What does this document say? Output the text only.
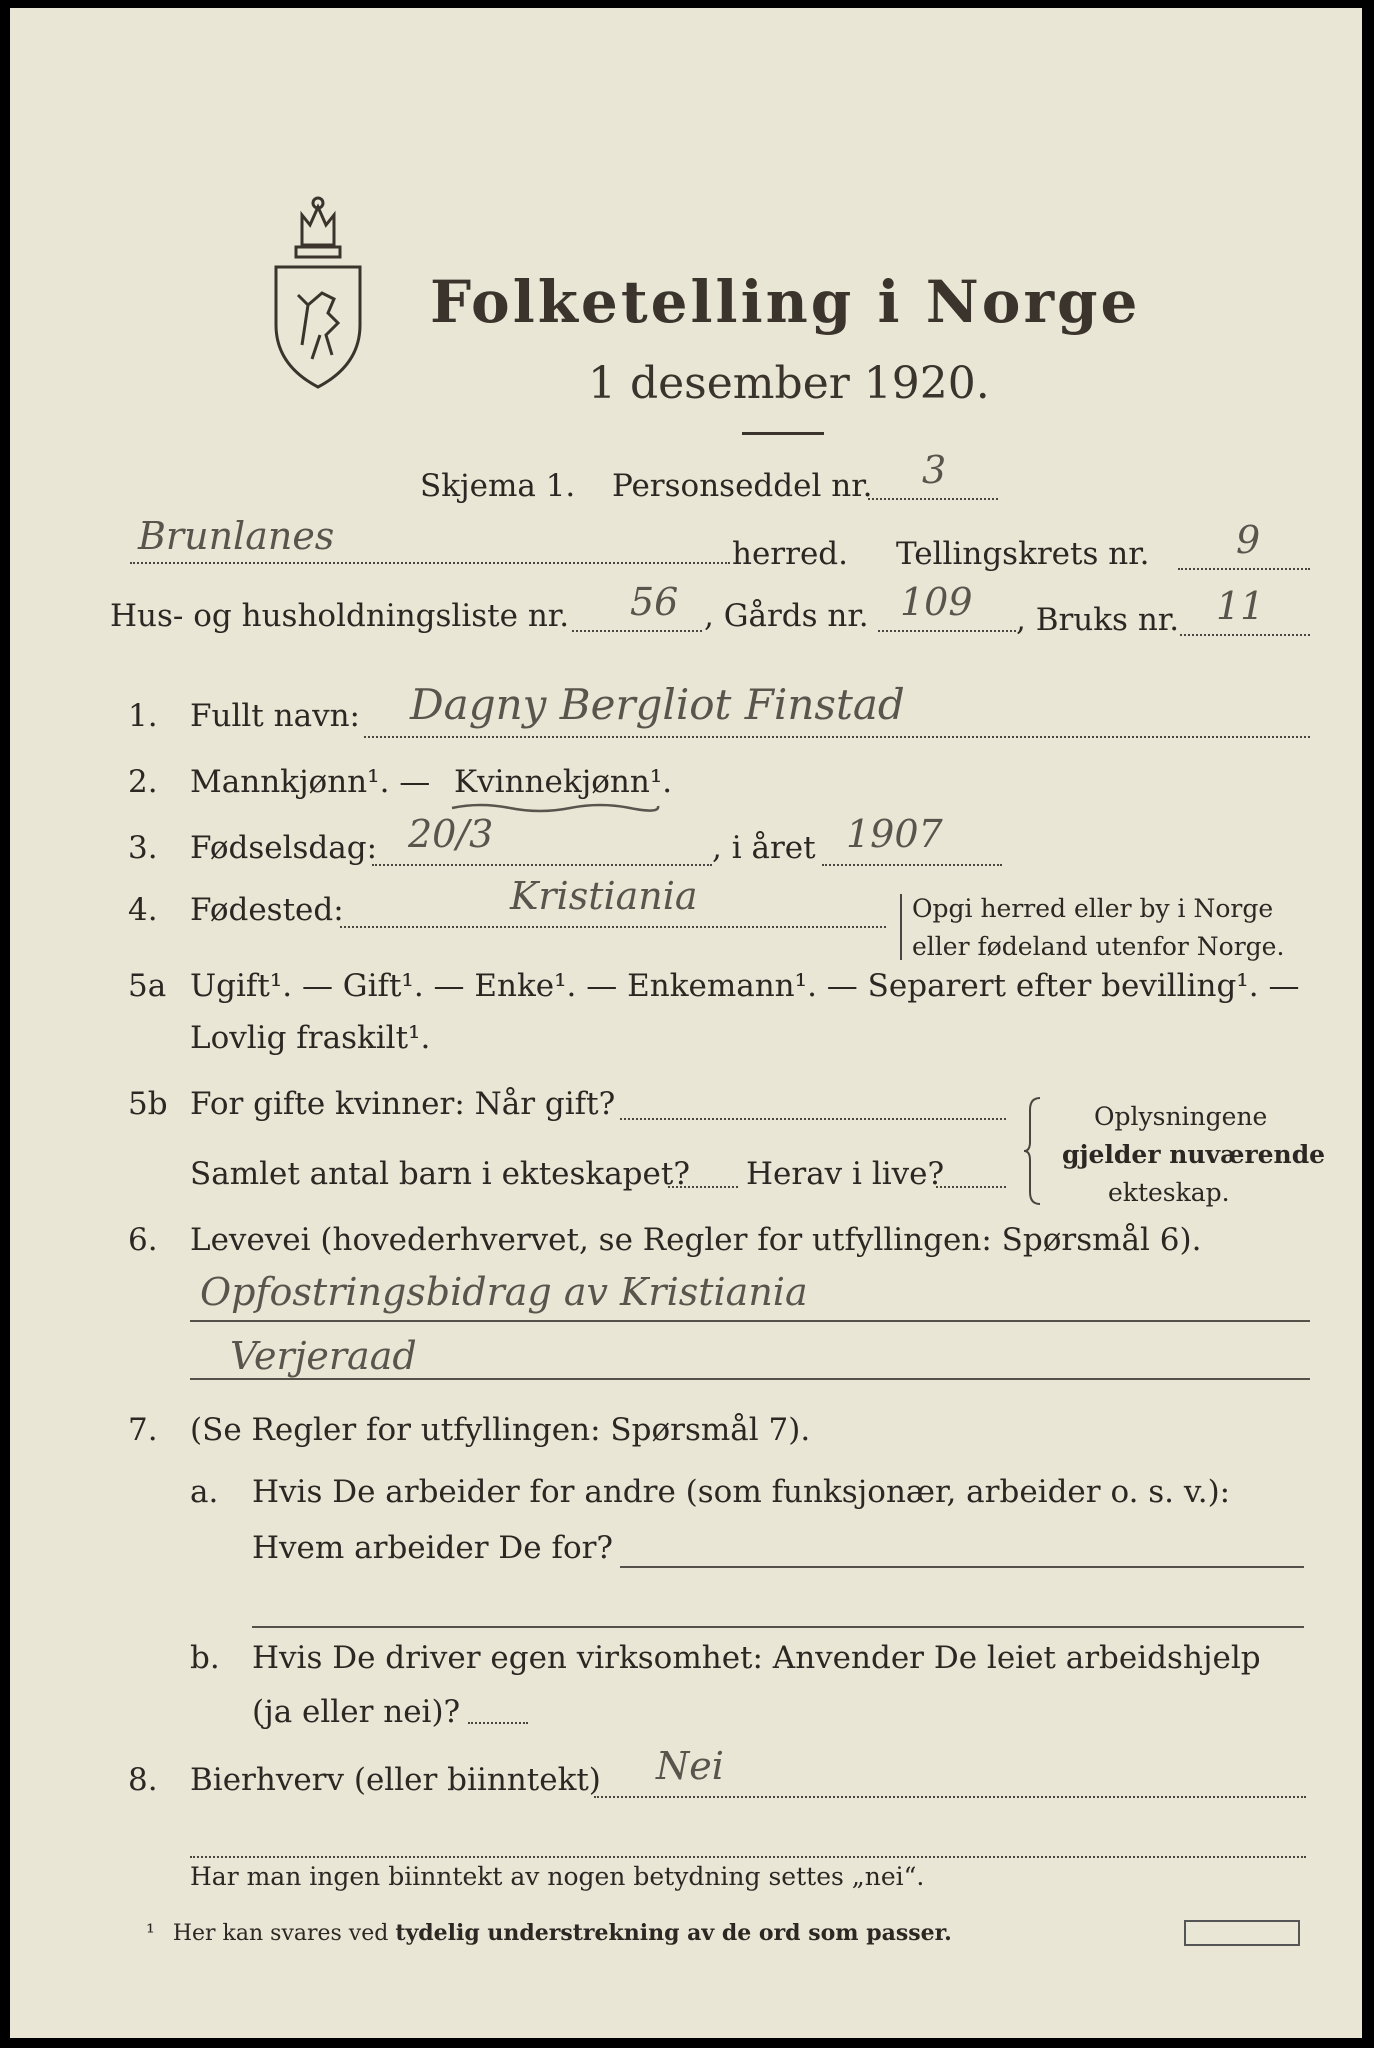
Folketelling i Norge
1 desember 1920.
Skjema 1. Personseddel nr. 3
Brunlanes	herred. Tellingskrets nr. 9
Hus- og husholdningsliste nr. 56 , Gårds nr. 109 , Bruks nr. 11
1. Fullt navn: Dagny Bergliot Finstad
2. Mannkjønn¹. — Kvinnekjønn¹.
3. Fødselsdag: 20/3	, i året 1907
4. Fødested:	Kristiania	Opgi herred eller by i Norge
eller fødeland utenfor Norge.
5a Ugift¹. — Gift¹. — Enke¹. — Enkemann¹. — Separert efter bevilling¹. —
Lovlig fraskilt¹.
5b For gifte kvinner: Når gift?
Samlet antal barn i ekteskapet? Herav i live?
Oplysningene
gjelder nuværende
ekteskap.
6. Levevei (hovederhvervet, se Regler for utfyllingen: Spørsmål 6).
Opfostringsbidrag av Kristiania
Verjeraad
7. (Se Regler for utfyllingen: Spørsmål 7).
a. Hvis De arbeider for andre (som funksjonær, arbeider o. s. v.):
Hvem arbeider De for?
b. Hvis De driver egen virksomhet: Anvender De leiet arbeidshjelp
(ja eller nei)?
8. Bierhverv (eller biinntekt) Nei
Har man ingen biinntekt av nogen betydning settes „nei“.
¹ Her kan svares ved tydelig understrekning av de ord som passer.
